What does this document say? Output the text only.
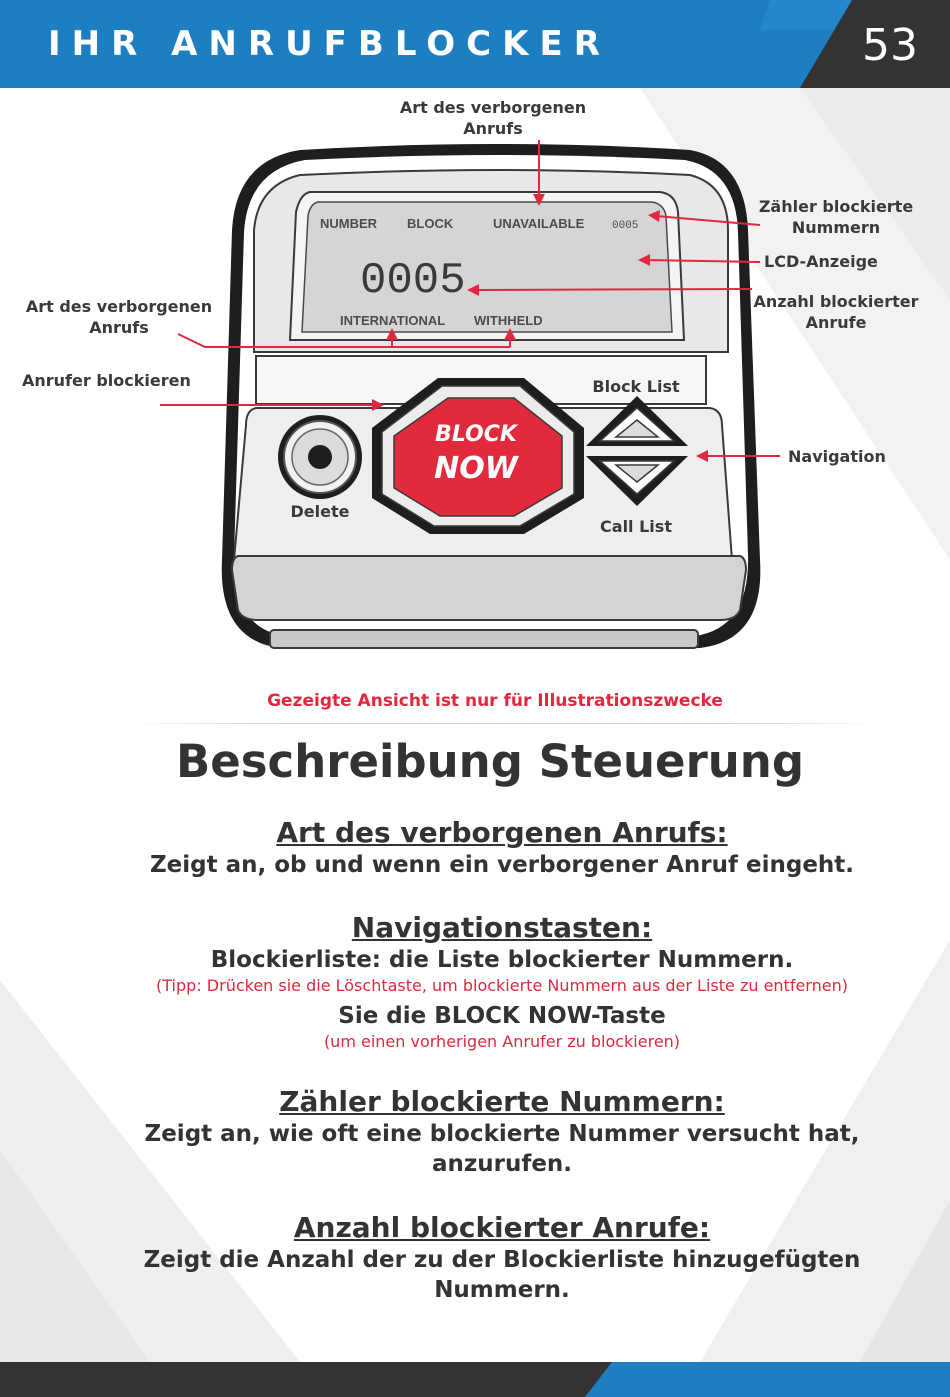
IHR ANRUFBLOCKER	53
NUMBER BLOCK	UNAVAILABLE	0005
0005
INTERNATIONAL WITHHELD
Delete
BLOCK
NOW
Block List
Call List
Art des verborgenen
Anrufs
Art des verborgenen
Anrufs
Anrufer blockieren
Zähler blockierte
Nummern
LCD-Anzeige
Anzahl blockierter
Anrufe
Navigation
Gezeigte Ansicht ist nur für Illustrationszwecke
Beschreibung Steuerung
Art des verborgenen Anrufs:
Zeigt an, ob und wenn ein verborgener Anruf eingeht.
Navigationstasten:
Blockierliste: die Liste blockierter Nummern.
(Tipp: Drücken sie die Löschtaste, um blockierte Nummern aus der Liste zu entfernen)
Sie die BLOCK NOW-Taste
(um einen vorherigen Anrufer zu blockieren)
Zähler blockierte Nummern:
Zeigt an, wie oft eine blockierte Nummer versucht hat,
anzurufen.
Anzahl blockierter Anrufe:
Zeigt die Anzahl der zu der Blockierliste hinzugefügten
Nummern.
